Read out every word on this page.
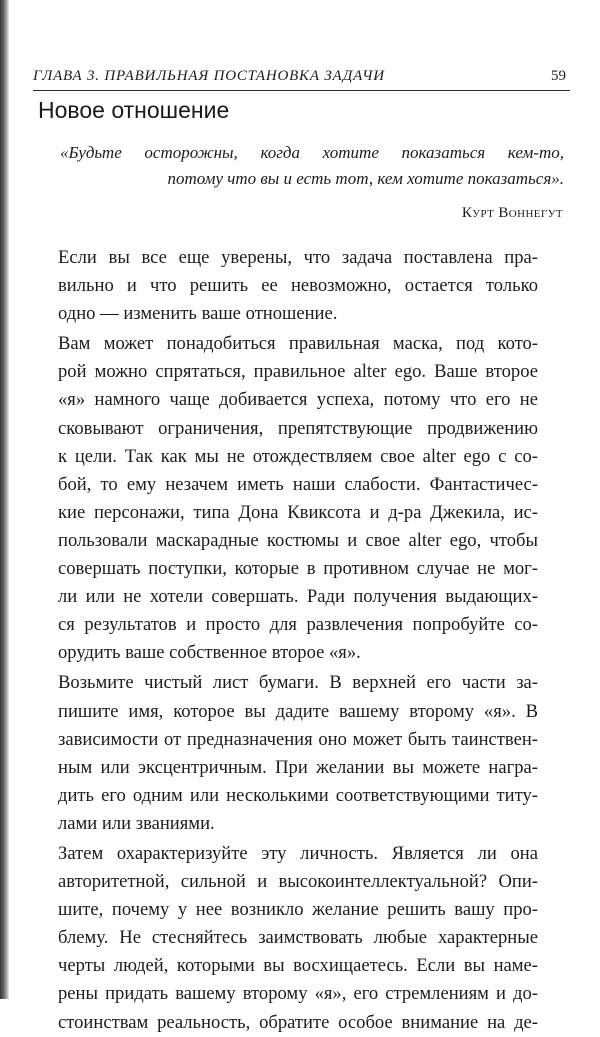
ГЛАВА 3. ПРАВИЛЬНАЯ ПОСТАНОВКА ЗАДАЧИ	59
Новое отношение
«Будьте осторожны, когда хотите показаться кем-то,
потому что вы и есть тот, кем хотите показаться».
Курт Воннегут

Если вы все еще уверены, что задача поставлена пра-
вильно и что решить ее невозможно, остается только
одно — изменить ваше отношение.

Вам может понадобиться правильная маска, под кото-
рой можно спрятаться, правильное alter ego. Ваше второе
«я» намного чаще добивается успеха, потому что его не
сковывают ограничения, препятствующие продвижению
к цели. Так как мы не отождествляем свое alter ego с со-
бой, то ему незачем иметь наши слабости. Фантастичес-
кие персонажи, типа Дона Квиксота и д-ра Джекила, ис-
пользовали маскарадные костюмы и свое alter ego, чтобы
совершать поступки, которые в противном случае не мог-
ли или не хотели совершать. Ради получения выдающих-
ся результатов и просто для развлечения попробуйте со-
орудить ваше собственное второе «я».

Возьмите чистый лист бумаги. В верхней его части за-
пишите имя, которое вы дадите вашему второму «я». В
зависимости от предназначения оно может быть таинствен-
ным или эксцентричным. При желании вы можете награ-
дить его одним или несколькими соответствующими титу-
лами или званиями.

Затем охарактеризуйте эту личность. Является ли она
авторитетной, сильной и высокоинтеллектуальной? Опи-
шите, почему у нее возникло желание решить вашу про-
блему. Не стесняйтесь заимствовать любые характерные
черты людей, которыми вы восхищаетесь. Если вы наме-
рены придать вашему второму «я», его стремлениям и до-
стоинствам реальность, обратите особое внимание на де-
